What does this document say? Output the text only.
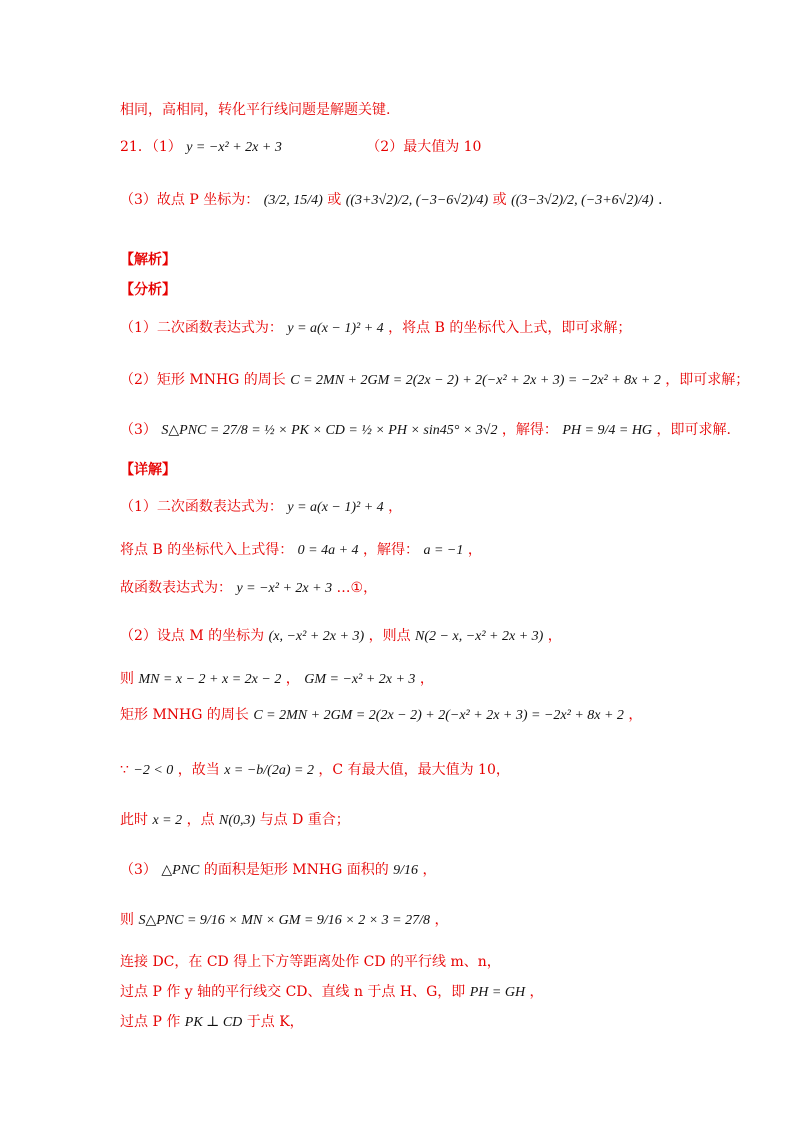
相同，高相同，转化平行线问题是解题关键.
21．（1） y = −x² + 2x + 3	（2）最大值为 10
（3）故点 P 坐标为： (3/2, 15/4) 或 ((3+3√2)/2, (−3−6√2)/4) 或 ((3−3√2)/2, (−3+6√2)/4) .
【解析】
【分析】
（1）二次函数表达式为： y = a(x − 1)² + 4 ，将点 B 的坐标代入上式，即可求解；
（2）矩形 MNHG 的周长 C = 2MN + 2GM = 2(2x − 2) + 2(−x² + 2x + 3) = −2x² + 8x + 2 ，即可求解；
（3） S△PNC = 27/8 = ½ × PK × CD = ½ × PH × sin45° × 3√2 ，解得： PH = 9/4 = HG ，即可求解.
【详解】
（1）二次函数表达式为： y = a(x − 1)² + 4 ，
将点 B 的坐标代入上式得： 0 = 4a + 4 ，解得： a = −1 ，
故函数表达式为： y = −x² + 2x + 3 …①，
（2）设点 M 的坐标为 (x, −x² + 2x + 3) ，则点 N(2 − x, −x² + 2x + 3) ，
则 MN = x − 2 + x = 2x − 2 ， GM = −x² + 2x + 3 ，
矩形 MNHG 的周长 C = 2MN + 2GM = 2(2x − 2) + 2(−x² + 2x + 3) = −2x² + 8x + 2 ，
∵ −2 < 0 ，故当 x = −b/(2a) = 2 ，C 有最大值，最大值为 10，
此时 x = 2 ，点 N(0,3) 与点 D 重合；
（3） △PNC 的面积是矩形 MNHG 面积的 9/16 ，
则 S△PNC = 9/16 × MN × GM = 9/16 × 2 × 3 = 27/8 ，
连接 DC，在 CD 得上下方等距离处作 CD 的平行线 m、n，
过点 P 作 y 轴的平行线交 CD、直线 n 于点 H、G，即 PH = GH ，
过点 P 作 PK ⊥ CD 于点 K，
